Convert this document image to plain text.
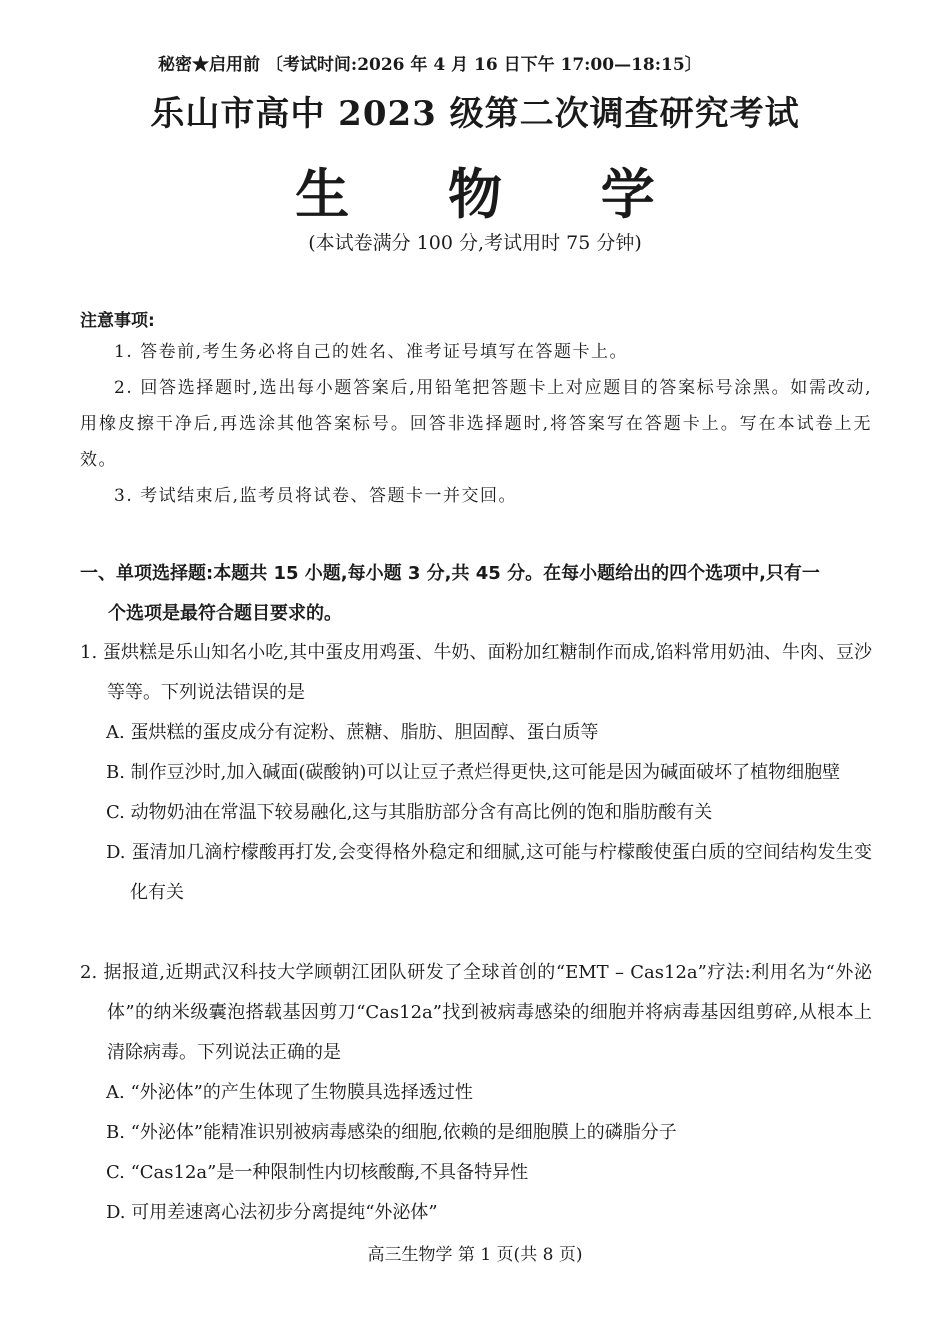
秘密★启用前 〔考试时间:2026 年 4 月 16 日下午 17:00—18:15〕
乐山市高中 2023 级第二次调查研究考试
生 物 学
(本试卷满分 100 分,考试用时 75 分钟)
注意事项:

1. 答卷前,考生务必将自己的姓名、准考证号填写在答题卡上。

2. 回答选择题时,选出每小题答案后,用铅笔把答题卡上对应题目的答案标号涂黑。如需改动,用橡皮擦干净后,再选涂其他答案标号。回答非选择题时,将答案写在答题卡上。写在本试卷上无效。

3. 考试结束后,监考员将试卷、答题卡一并交回。

一、单项选择题:本题共 15 小题,每小题 3 分,共 45 分。在每小题给出的四个选项中,只有一
个选项是最符合题目要求的。

1. 蛋烘糕是乐山知名小吃,其中蛋皮用鸡蛋、牛奶、面粉加红糖制作而成,馅料常用奶油、牛肉、豆沙等等。下列说法错误的是

A. 蛋烘糕的蛋皮成分有淀粉、蔗糖、脂肪、胆固醇、蛋白质等

B. 制作豆沙时,加入碱面(碳酸钠)可以让豆子煮烂得更快,这可能是因为碱面破坏了植物细胞壁

C. 动物奶油在常温下较易融化,这与其脂肪部分含有高比例的饱和脂肪酸有关

D. 蛋清加几滴柠檬酸再打发,会变得格外稳定和细腻,这可能与柠檬酸使蛋白质的空间结构发生变化有关

2. 据报道,近期武汉科技大学顾朝江团队研发了全球首创的“EMT – Cas12a”疗法:利用名为“外泌体”的纳米级囊泡搭载基因剪刀“Cas12a”找到被病毒感染的细胞并将病毒基因组剪碎,从根本上清除病毒。下列说法正确的是

A. “外泌体”的产生体现了生物膜具选择透过性

B. “外泌体”能精准识别被病毒感染的细胞,依赖的是细胞膜上的磷脂分子

C. “Cas12a”是一种限制性内切核酸酶,不具备特异性

D. 可用差速离心法初步分离提纯“外泌体”

高三生物学 第 1 页(共 8 页)
